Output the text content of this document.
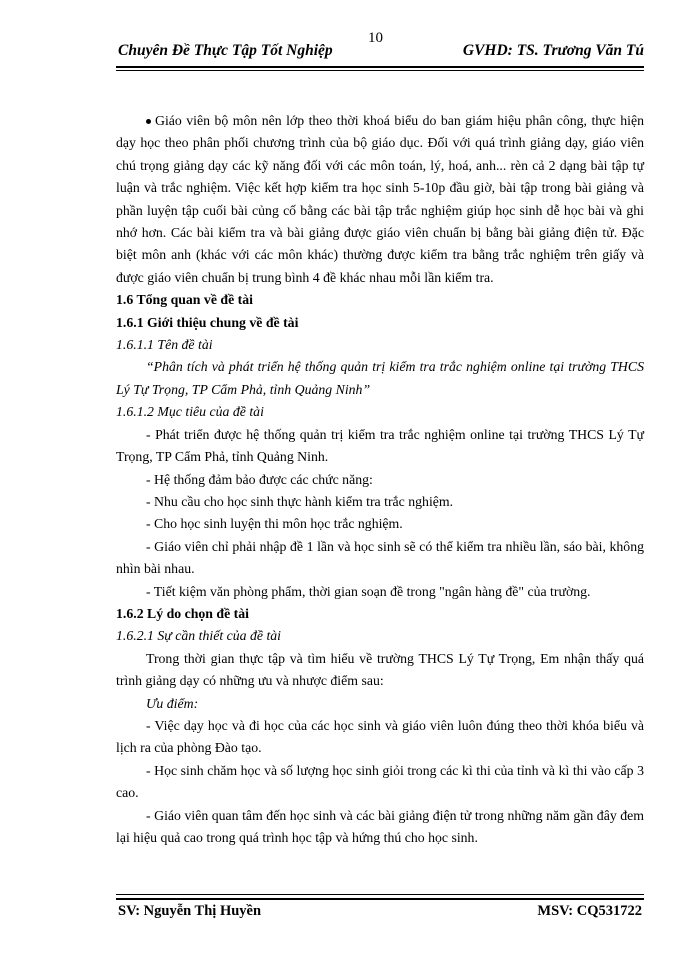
Chuyên Đề Thực Tập Tốt Nghiệp
10
GVHD: TS. Trương Văn Tú

Giáo viên bộ môn nên lớp theo thời khoá biểu do ban giám hiệu phân công, thực hiện dạy học theo phân phối chương trình của bộ giáo dục. Đối với quá trình giảng dạy, giáo viên chú trọng giảng dạy các kỹ năng đối với các môn toán, lý, hoá, anh... rèn cả 2 dạng bài tập tự luận và trắc nghiệm. Việc kết hợp kiểm tra học sinh 5-10p đầu giờ, bài tập trong bài giảng và phần luyện tập cuối bài củng cố bằng các bài tập trắc nghiệm giúp học sinh dễ học bài và ghi nhớ hơn. Các bài kiểm tra và bài giảng được giáo viên chuẩn bị bằng bài giảng điện tử. Đặc biệt môn anh (khác với các môn khác) thường được kiểm tra bằng trắc nghiệm trên giấy và được giáo viên chuẩn bị trung bình 4 đề khác nhau mỗi lần kiểm tra.

1.6 Tổng quan về đề tài

1.6.1 Giới thiệu chung về đề tài

1.6.1.1 Tên đề tài

“Phân tích và phát triển hệ thống quản trị kiểm tra trắc nghiệm online tại trường THCS Lý Tự Trọng, TP Cẩm Phả, tỉnh Quảng Ninh”

1.6.1.2 Mục tiêu của đề tài

- Phát triển được hệ thống quản trị kiểm tra trắc nghiệm online tại trường THCS Lý Tự Trọng, TP Cẩm Phả, tỉnh Quảng Ninh.

- Hệ thống đảm bảo được các chức năng:

- Nhu cầu cho học sinh thực hành kiểm tra trắc nghiệm.

- Cho học sinh luyện thi môn học trắc nghiệm.

- Giáo viên chỉ phải nhập đề 1 lần và học sinh sẽ có thể kiểm tra nhiều lần, sáo bài, không nhìn bài nhau.

- Tiết kiệm văn phòng phẩm, thời gian soạn đề trong "ngân hàng đề" của trường.

1.6.2 Lý do chọn đề tài

1.6.2.1 Sự cần thiết của đề tài

Trong thời gian thực tập và tìm hiểu về trường THCS Lý Tự Trọng, Em nhận thấy quá trình giảng dạy có những ưu và nhược điểm sau:

Ưu điểm:

- Việc dạy học và đi học của các học sinh và giáo viên luôn đúng theo thời khóa biểu và lịch ra của phòng Đào tạo.

- Học sinh chăm học và số lượng học sinh giỏi trong các kì thi của tỉnh và kì thi vào cấp 3 cao.

- Giáo viên quan tâm đến học sinh và các bài giảng điện tử trong những năm gần đây đem lại hiệu quả cao trong quá trình học tập và hứng thú cho học sinh.

SV: Nguyễn Thị Huyền	MSV: CQ531722
